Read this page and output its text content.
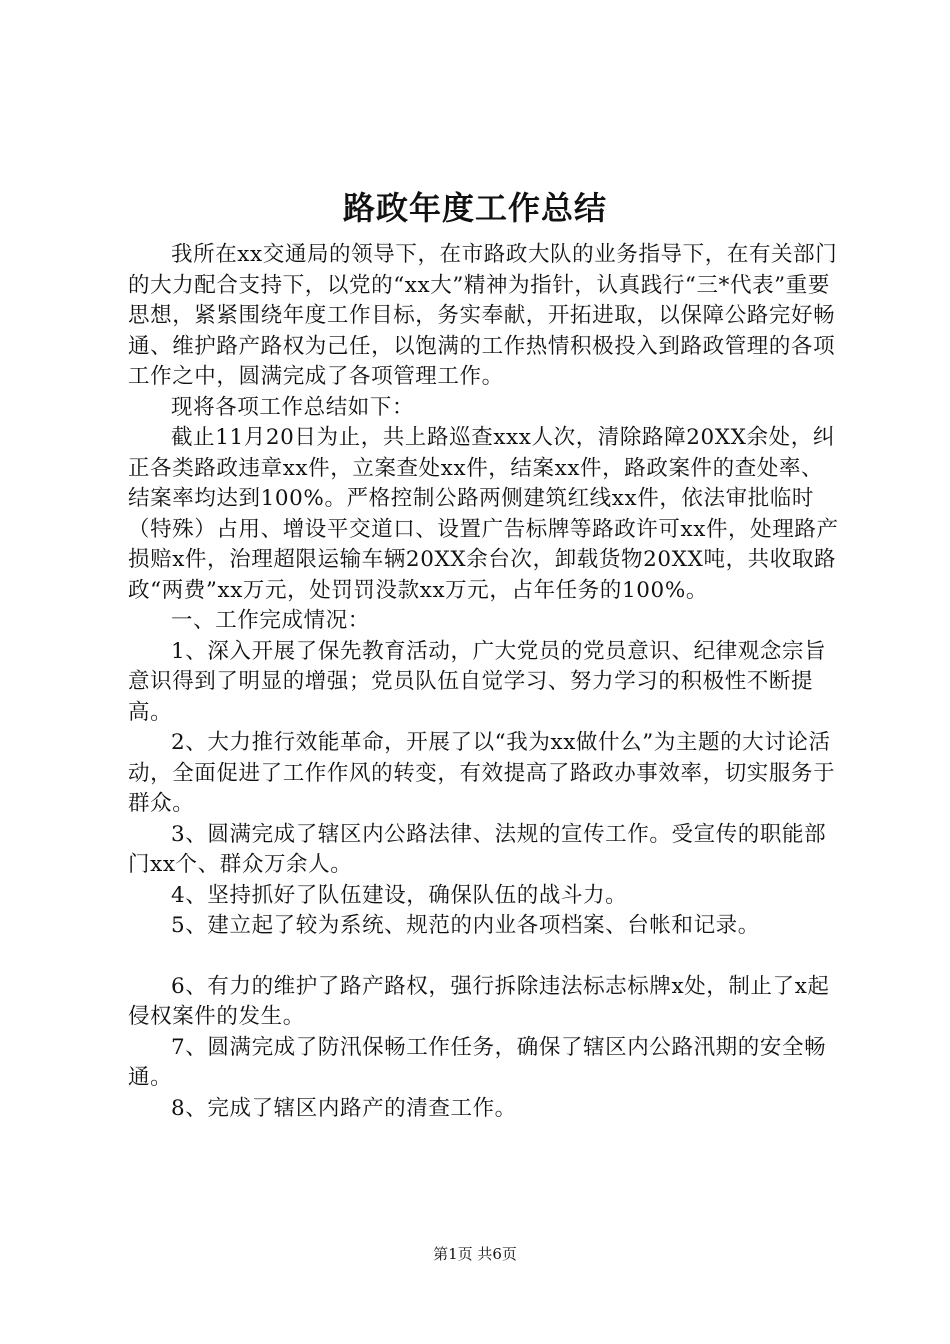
路政年度工作总结

我所在xx交通局的领导下，在市路政大队的业务指导下，在有关部门的大力配合支持下，以党的“xx大”精神为指针，认真践行“三*代表”重要思想，紧紧围绕年度工作目标，务实奉献，开拓进取，以保障公路完好畅通、维护路产路权为己任，以饱满的工作热情积极投入到路政管理的各项工作之中，圆满完成了各项管理工作。

现将各项工作总结如下：

截止11月20日为止，共上路巡查xxx人次，清除路障20XX余处，纠正各类路政违章xx件，立案查处xx件，结案xx件，路政案件的查处率、结案率均达到100%。严格控制公路两侧建筑红线xx件，依法审批临时（特殊）占用、增设平交道口、设置广告标牌等路政许可xx件，处理路产损赔x件，治理超限运输车辆20XX余台次，卸载货物20XX吨，共收取路政“两费”xx万元，处罚罚没款xx万元，占年任务的100%。

一、工作完成情况：

1、深入开展了保先教育活动，广大党员的党员意识、纪律观念宗旨意识得到了明显的增强；党员队伍自觉学习、努力学习的积极性不断提高。

2、大力推行效能革命，开展了以“我为xx做什么”为主题的大讨论活动，全面促进了工作作风的转变，有效提高了路政办事效率，切实服务于群众。

3、圆满完成了辖区内公路法律、法规的宣传工作。受宣传的职能部门xx个、群众万余人。

4、坚持抓好了队伍建设，确保队伍的战斗力。

5、建立起了较为系统、规范的内业各项档案、台帐和记录。

6、有力的维护了路产路权，强行拆除违法标志标牌x处，制止了x起侵权案件的发生。

7、圆满完成了防汛保畅工作任务，确保了辖区内公路汛期的安全畅通。

8、完成了辖区内路产的清查工作。

第1页 共6页
